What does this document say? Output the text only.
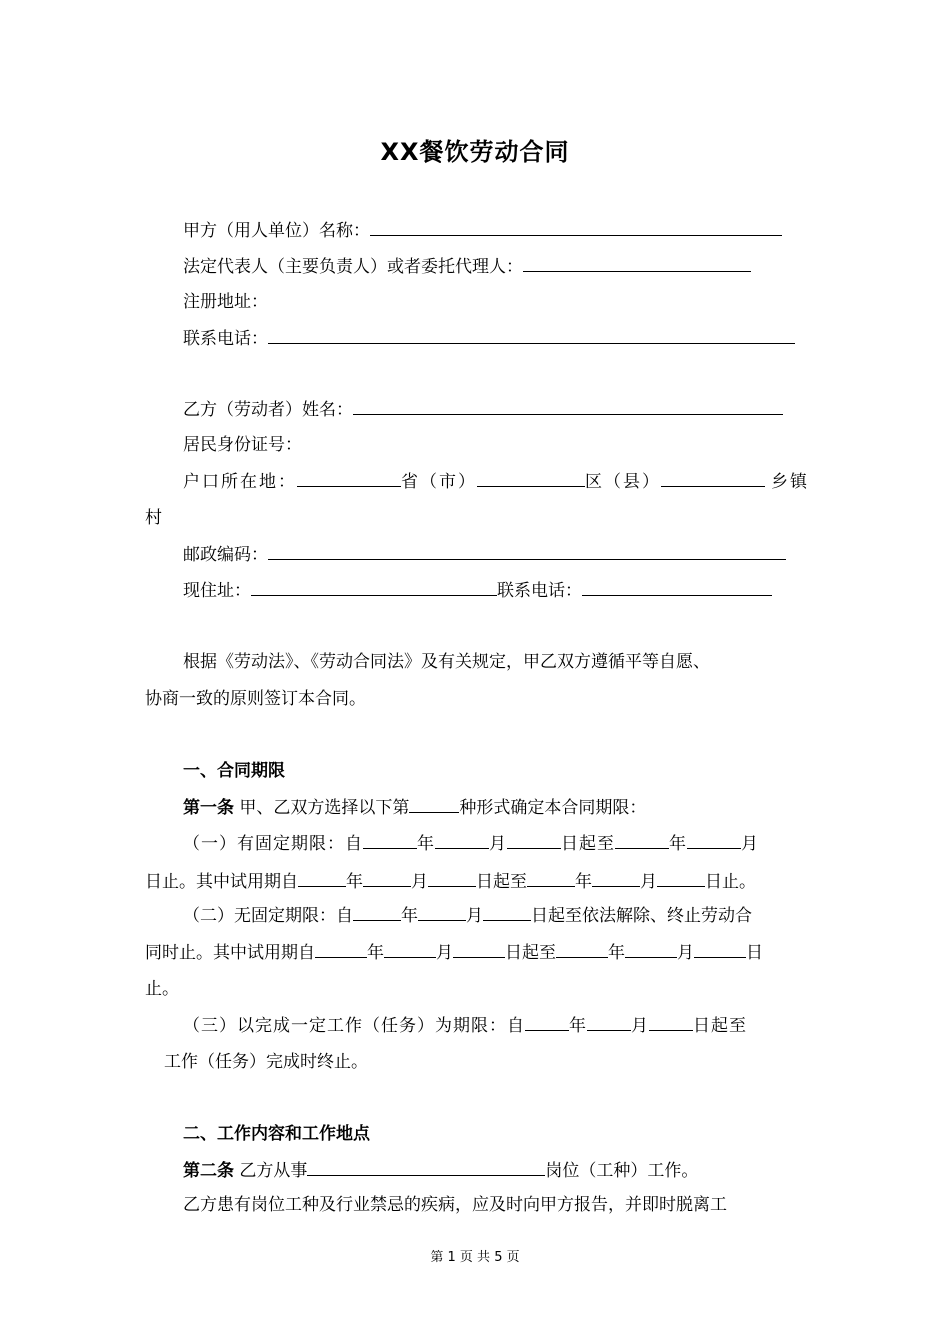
XX餐饮劳动合同
甲方（用人单位）名称：
法定代表人（主要负责人）或者委托代理人：
注册地址：
联系电话：
乙方（劳动者）姓名：
居民身份证号：
户口所在地：	省（市）	区（县）	乡镇
村
邮政编码：
现住址：	联系电话：
根据《劳动法》、《劳动合同法》及有关规定，甲乙双方遵循平等自愿、
协商一致的原则签订本合同。
一、合同期限
第一条 甲、乙双方选择以下第	种形式确定本合同期限：
（一）有固定期限：自	年	月	日起至	年	月
日止。其中试用期自	年	月	日起至	年	月	日止。
（二）无固定期限：自	年	月	日起至依法解除、终止劳动合
同时止。其中试用期自	年	月	日起至	年	月	日
止。
（三）以完成一定工作（任务）为期限：自	年	月	日起至
工作（任务）完成时终止。
二、工作内容和工作地点
第二条 乙方从事	岗位（工种）工作。
乙方患有岗位工种及行业禁忌的疾病，应及时向甲方报告，并即时脱离工
第 1 页 共 5 页
